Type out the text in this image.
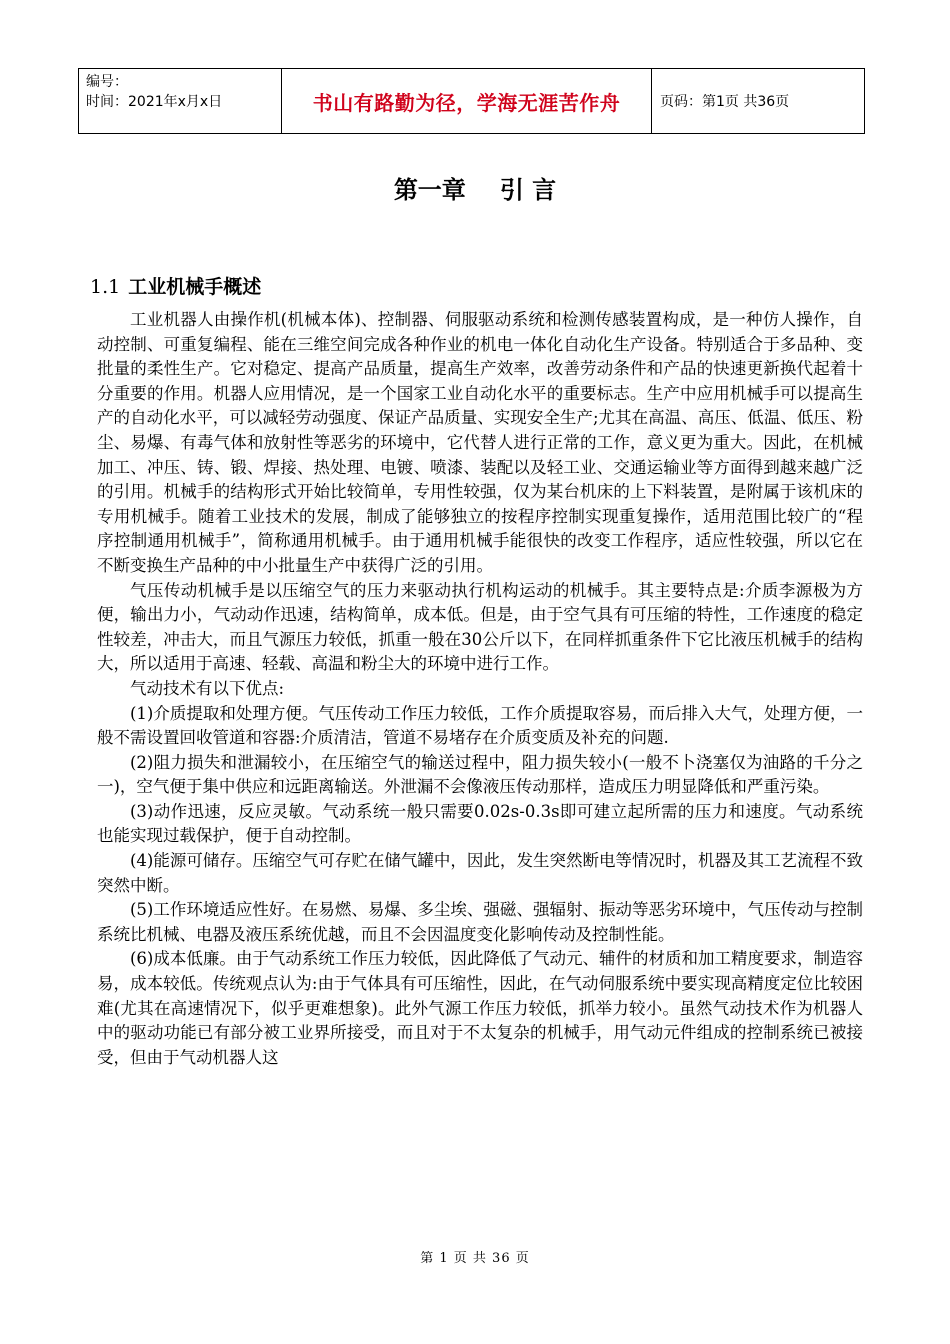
编号：
时间：2021年x月x日	书山有路勤为径，学海无涯苦作舟	页码：第1页 共36页
第一章 引 言
1.1 工业机械手概述

工业机器人由操作机(机械本体)、控制器、伺服驱动系统和检测传感装置构成，是一种仿人操作，自动控制、可重复编程、能在三维空间完成各种作业的机电一体化自动化生产设备。特别适合于多品种、变批量的柔性生产。它对稳定、提高产品质量，提高生产效率，改善劳动条件和产品的快速更新换代起着十分重要的作用。机器人应用情况，是一个国家工业自动化水平的重要标志。生产中应用机械手可以提高生产的自动化水平，可以减轻劳动强度、保证产品质量、实现安全生产;尤其在高温、高压、低温、低压、粉尘、易爆、有毒气体和放射性等恶劣的环境中，它代替人进行正常的工作，意义更为重大。因此，在机械加工、冲压、铸、锻、焊接、热处理、电镀、喷漆、装配以及轻工业、交通运输业等方面得到越来越广泛的引用。机械手的结构形式开始比较简单，专用性较强，仅为某台机床的上下料装置，是附属于该机床的专用机械手。随着工业技术的发展，制成了能够独立的按程序控制实现重复操作，适用范围比较广的“程序控制通用机械手”，简称通用机械手。由于通用机械手能很快的改变工作程序，适应性较强，所以它在不断变换生产品种的中小批量生产中获得广泛的引用。

气压传动机械手是以压缩空气的压力来驱动执行机构运动的机械手。其主要特点是:介质李源极为方便，输出力小，气动动作迅速，结构简单，成本低。但是，由于空气具有可压缩的特性，工作速度的稳定性较差，冲击大，而且气源压力较低，抓重一般在30公斤以下，在同样抓重条件下它比液压机械手的结构大，所以适用于高速、轻载、高温和粉尘大的环境中进行工作。

气动技术有以下优点:

(1)介质提取和处理方便。气压传动工作压力较低，工作介质提取容易，而后排入大气，处理方便，一般不需设置回收管道和容器:介质清洁，管道不易堵存在介质变质及补充的问题.

(2)阻力损失和泄漏较小，在压缩空气的输送过程中，阻力损失较小(一般不卜浇塞仅为油路的千分之一)，空气便于集中供应和远距离输送。外泄漏不会像液压传动那样，造成压力明显降低和严重污染。

(3)动作迅速，反应灵敏。气动系统一般只需要0.02s-0.3s即可建立起所需的压力和速度。气动系统也能实现过载保护，便于自动控制。

(4)能源可储存。压缩空气可存贮在储气罐中，因此，发生突然断电等情况时，机器及其工艺流程不致突然中断。

(5)工作环境适应性好。在易燃、易爆、多尘埃、强磁、强辐射、振动等恶劣环境中，气压传动与控制系统比机械、电器及液压系统优越，而且不会因温度变化影响传动及控制性能。

(6)成本低廉。由于气动系统工作压力较低，因此降低了气动元、辅件的材质和加工精度要求，制造容易，成本较低。传统观点认为:由于气体具有可压缩性，因此，在气动伺服系统中要实现高精度定位比较困难(尤其在高速情况下，似乎更难想象)。此外气源工作压力较低，抓举力较小。虽然气动技术作为机器人中的驱动功能已有部分被工业界所接受，而且对于不太复杂的机械手，用气动元件组成的控制系统已被接受，但由于气动机器人这

第 1 页 共 36 页
